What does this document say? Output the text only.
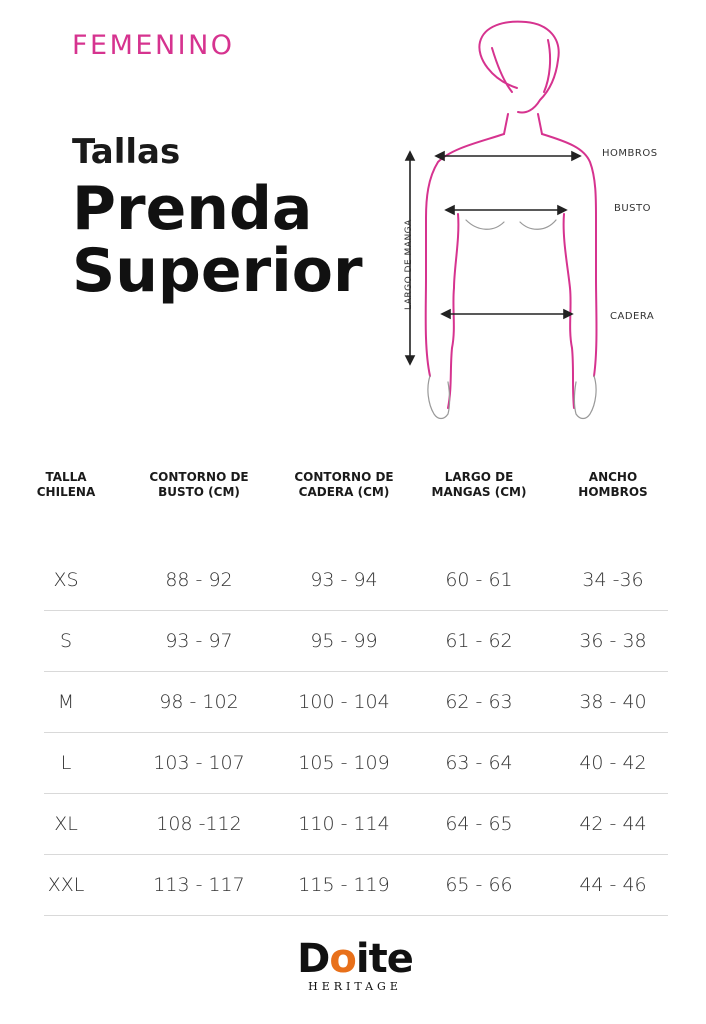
FEMENINO
Tallas
Prenda
Superior
HOMBROS
BUSTO
CADERA
LARGO DE MANGA
TALLA
CHILENA
CONTORNO DE
BUSTO (CM)
CONTORNO DE
CADERA (CM)
LARGO DE
MANGAS (CM)
ANCHO
HOMBROS
XS	88 - 92	93 - 94	60 - 61	34 -36
S	93 - 97	95 - 99	61 - 62	36 - 38
M	98 - 102	100 - 104	62 - 63	38 - 40
L	103 - 107	105 - 109	63 - 64	40 - 42
XL	108 -112	110 - 114	64 - 65	42 - 44
XXL	113 - 117	115 - 119	65 - 66	44 - 46
Doite
HERITAGE
